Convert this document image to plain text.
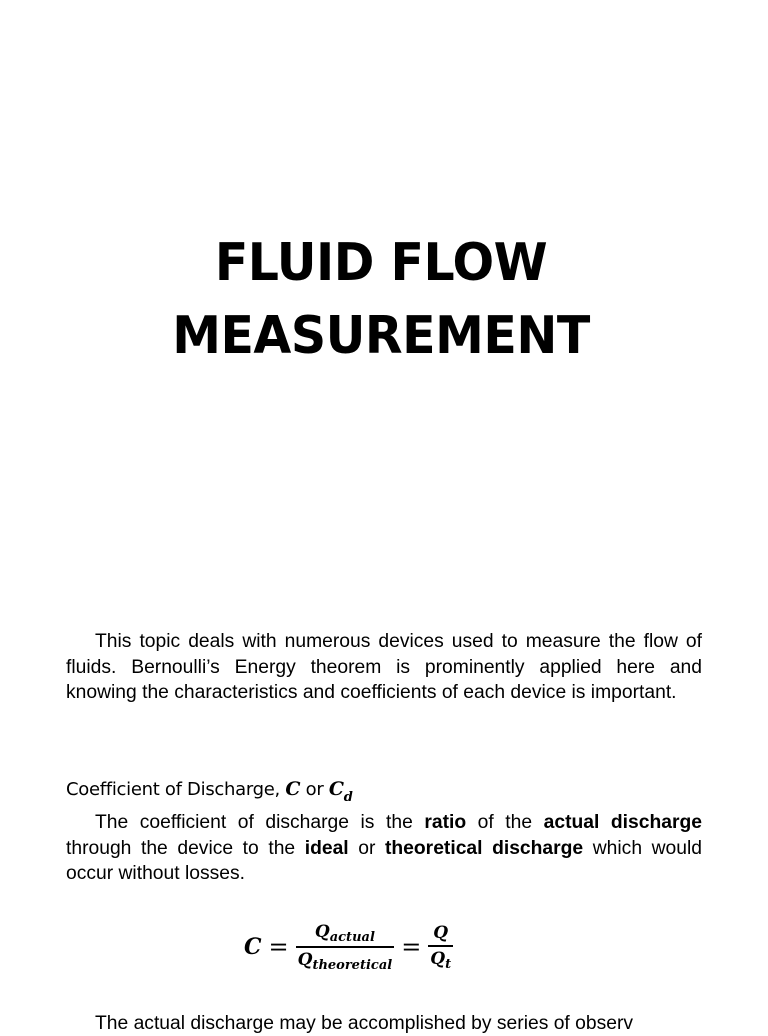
FLUID FLOW
MEASUREMENT

This topic deals with numerous devices used to measure the flow of fluids. Bernoulli’s Energy theorem is prominently applied here and knowing the characteristics and coefficients of each device is important.

Coefficient of Discharge, C or $C_d$

The coefficient of discharge is the ratio of the actual discharge through the device to the ideal or theoretical discharge which would occur without losses.

$C = \frac{Q_{actual}}{Q_{theoretical}} = \frac{Q}{Q_t}$
The actual discharge may be accomplished by series of observ
